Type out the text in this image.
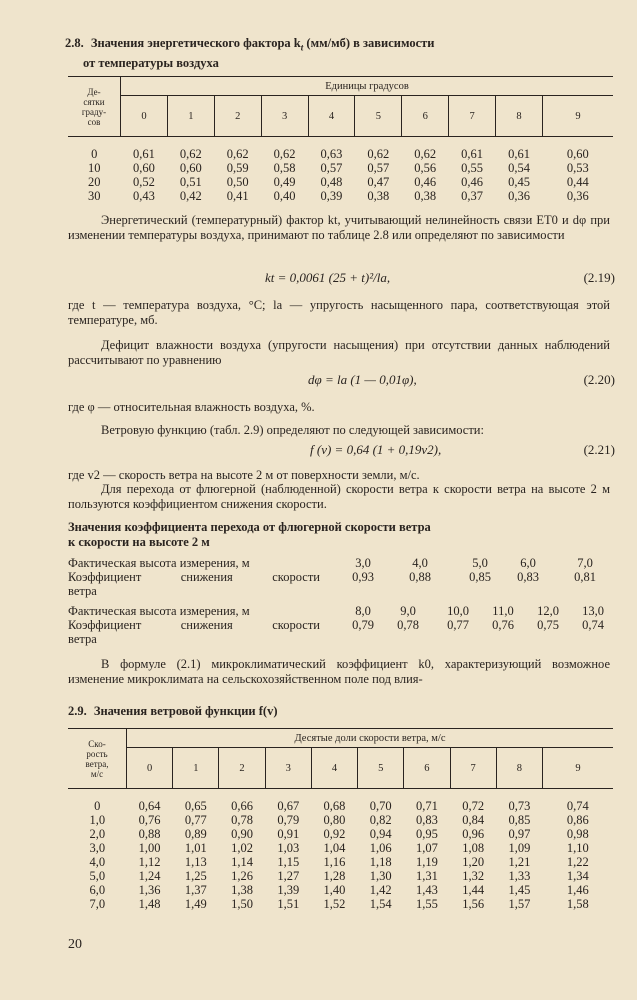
2.8. Значения энергетического фактора $k_t$ (мм/мб) в зависимости
от температуры воздуха
Де-
сятки
граду-
сов	Единицы градусов									
	0	1	2	3	4	5	6	7	8	9

0	0,61	0,62	0,62	0,62	0,63	0,62	0,62	0,61	0,61	0,60
10	0,60	0,60	0,59	0,58	0,57	0,57	0,56	0,55	0,54	0,53
20	0,52	0,51	0,50	0,49	0,48	0,47	0,46	0,46	0,45	0,44
30	0,43	0,42	0,41	0,40	0,39	0,38	0,38	0,37	0,36	0,36
Энергетический (температурный) фактор kt, учитывающий нелинейность связи ET0 и dφ при изменении температуры воздуха, принимают по таблице 2.8 или определяют по зависимости
kt = 0,0061 (25 + t)²/la,	(2.19)
где t — температура воздуха, °С; la — упругость насыщенного пара, соответствующая этой температуре, мб.
Дефицит влажности воздуха (упругости насыщения) при отсутствии данных наблюдений рассчитывают по уравнению
dφ = la (1 — 0,01φ),	(2.20)
где φ — относительная влажность воздуха, %.
Ветровую функцию (табл. 2.9) определяют по следующей зависимости:
f (v) = 0,64 (1 + 0,19v2),	(2.21)
где v2 — скорость ветра на высоте 2 м от поверхности земли, м/с.
Для перехода от флюгерной (наблюденной) скорости ветра к скорости ветра на высоте 2 м пользуются коэффициентом снижения скорости.
Значения коэффициента перехода от флюгерной скорости ветра
к скорости на высоте 2 м
Фактическая высота измерения, м	3,0	4,0	5,0	6,0	7,0
Коэффициент снижения скорости	0,93	0,88	0,85	0,83	0,81
ветра
Фактическая высота измерения, м	8,0	9,0	10,0	11,0	12,0	13,0
Коэффициент снижения скорости	0,79	0,78	0,77	0,76	0,75	0,74
ветра
В формуле (2.1) микроклиматический коэффициент k0, характеризующий возможное изменение микроклимата на сельскохозяйственном поле под влия-
2.9. Значения ветровой функции f(v)
Ско-
рость
ветра,
м/с	Десятые доли скорости ветра, м/с									
	0	1	2	3	4	5	6	7	8	9

0	0,64	0,65	0,66	0,67	0,68	0,70	0,71	0,72	0,73	0,74
1,0	0,76	0,77	0,78	0,79	0,80	0,82	0,83	0,84	0,85	0,86
2,0	0,88	0,89	0,90	0,91	0,92	0,94	0,95	0,96	0,97	0,98
3,0	1,00	1,01	1,02	1,03	1,04	1,06	1,07	1,08	1,09	1,10
4,0	1,12	1,13	1,14	1,15	1,16	1,18	1,19	1,20	1,21	1,22
5,0	1,24	1,25	1,26	1,27	1,28	1,30	1,31	1,32	1,33	1,34
6,0	1,36	1,37	1,38	1,39	1,40	1,42	1,43	1,44	1,45	1,46
7,0	1,48	1,49	1,50	1,51	1,52	1,54	1,55	1,56	1,57	1,58
20
